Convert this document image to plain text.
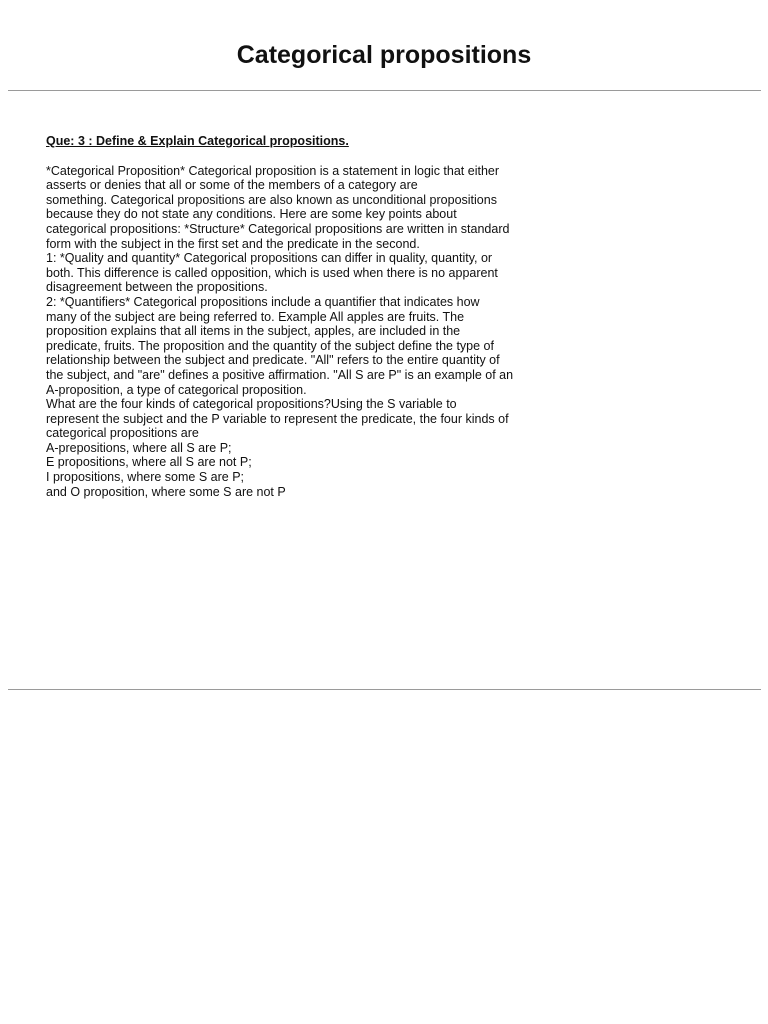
Categorical propositions

Que: 3 : Define & Explain Categorical propositions.

*Categorical Proposition* Categorical proposition is a statement in logic that either
asserts or denies that all or some of the members of a category are
something. Categorical propositions are also known as unconditional propositions
because they do not state any conditions. Here are some key points about
categorical propositions: *Structure* Categorical propositions are written in standard
form with the subject in the first set and the predicate in the second.
1: *Quality and quantity* Categorical propositions can differ in quality, quantity, or
both. This difference is called opposition, which is used when there is no apparent
disagreement between the propositions.
2: *Quantifiers* Categorical propositions include a quantifier that indicates how
many of the subject are being referred to. Example All apples are fruits. The
proposition explains that all items in the subject, apples, are included in the
predicate, fruits. The proposition and the quantity of the subject define the type of
relationship between the subject and predicate. "All" refers to the entire quantity of
the subject, and "are" defines a positive affirmation. "All S are P" is an example of an
A-proposition, a type of categorical proposition.
What are the four kinds of categorical propositions?Using the S variable to
represent the subject and the P variable to represent the predicate, the four kinds of
categorical propositions are
A-prepositions, where all S are P;
E propositions, where all S are not P;
I propositions, where some S are P;
and O proposition, where some S are not P
